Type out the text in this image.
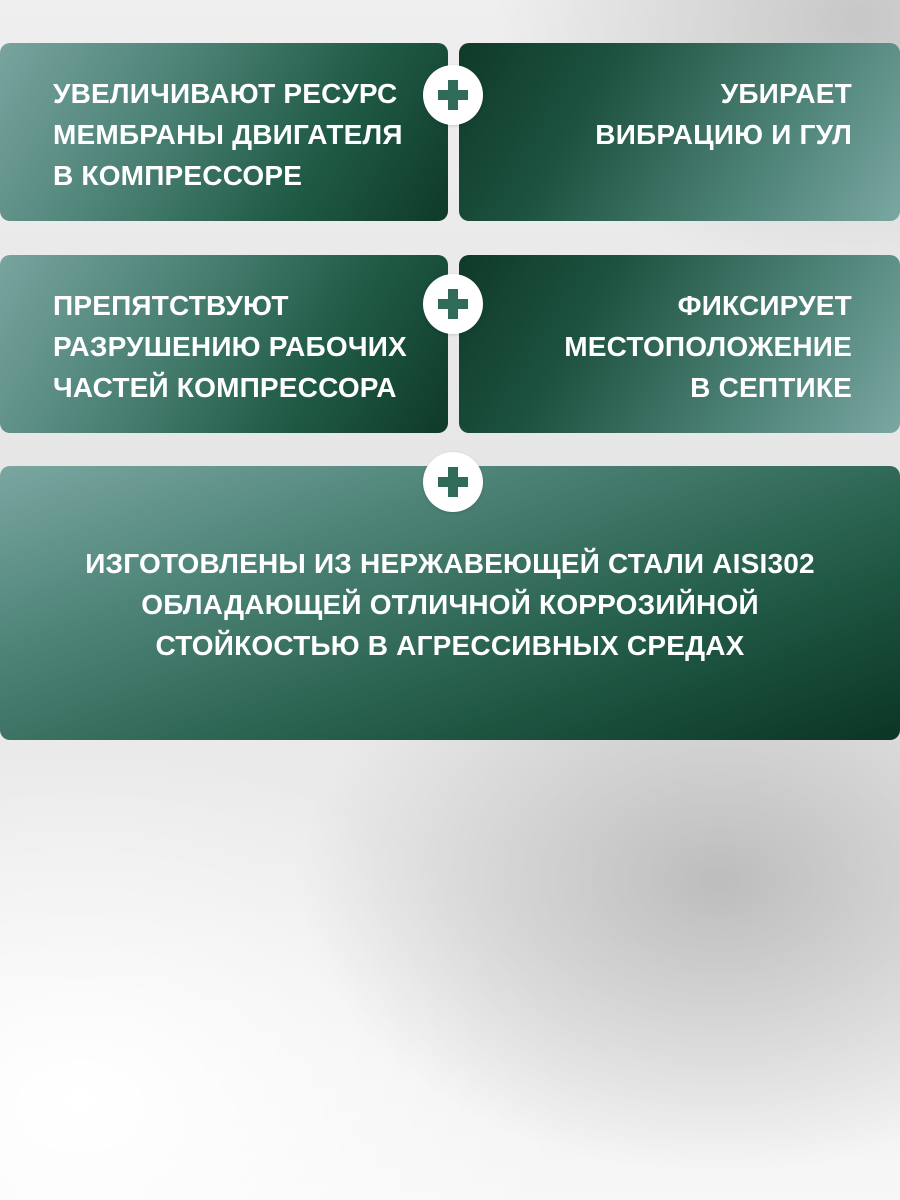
УВЕЛИЧИВАЮТ РЕСУРС
МЕМБРАНЫ ДВИГАТЕЛЯ
В КОМПРЕССОРЕ
УБИРАЕТ
ВИБРАЦИЮ И ГУЛ
ПРЕПЯТСТВУЮТ
РАЗРУШЕНИЮ РАБОЧИХ
ЧАСТЕЙ КОМПРЕССОРА
ФИКСИРУЕТ
МЕСТОПОЛОЖЕНИЕ
В СЕПТИКЕ
ИЗГОТОВЛЕНЫ ИЗ НЕРЖАВЕЮЩЕЙ СТАЛИ AISI302
ОБЛАДАЮЩЕЙ ОТЛИЧНОЙ КОРРОЗИЙНОЙ
СТОЙКОСТЬЮ В АГРЕССИВНЫХ СРЕДАХ
